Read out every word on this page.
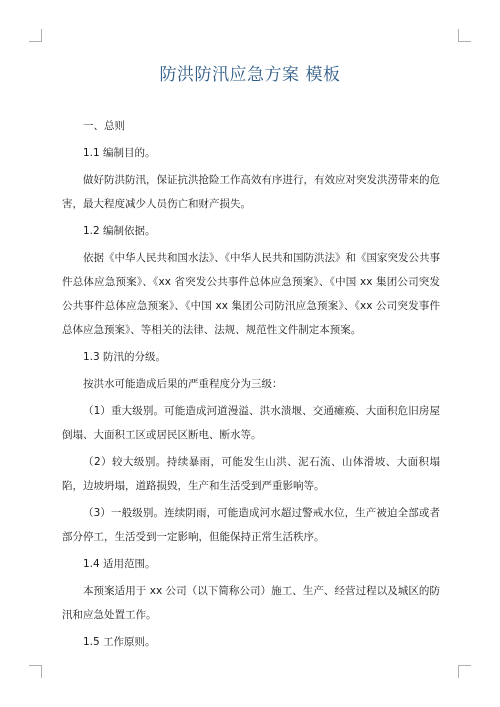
防洪防汛应急方案 模板

一、总则

1.1 编制目的。

做好防洪防汛，保证抗洪抢险工作高效有序进行，有效应对突发洪涝带来的危害，最大程度减少人员伤亡和财产损失。

1.2 编制依据。

依据《中华人民共和国水法》、《中华人民共和国防洪法》和《国家突发公共事件总体应急预案》、《xx 省突发公共事件总体应急预案》、《中国 xx 集团公司突发公共事件总体应急预案》、《中国 xx 集团公司防汛应急预案》、《xx 公司突发事件总体应急预案》、等相关的法律、法规、规范性文件制定本预案。

1.3 防汛的分级。

按洪水可能造成后果的严重程度分为三级：

（1）重大级别。可能造成河道漫溢、洪水溃堰、交通瘫痪、大面积危旧房屋倒塌、大面积工区或居民区断电、断水等。

（2）较大级别。持续暴雨，可能发生山洪、泥石流、山体滑坡、大面积塌陷，边坡坍塌，道路损毁，生产和生活受到严重影响等。

（3）一般级别。连续阴雨，可能造成河水超过警戒水位，生产被迫全部或者部分停工，生活受到一定影响，但能保持正常生活秩序。

1.4 适用范围。

本预案适用于 xx 公司（以下简称公司）施工、生产、经营过程以及城区的防汛和应急处置工作。

1.5 工作原则。
